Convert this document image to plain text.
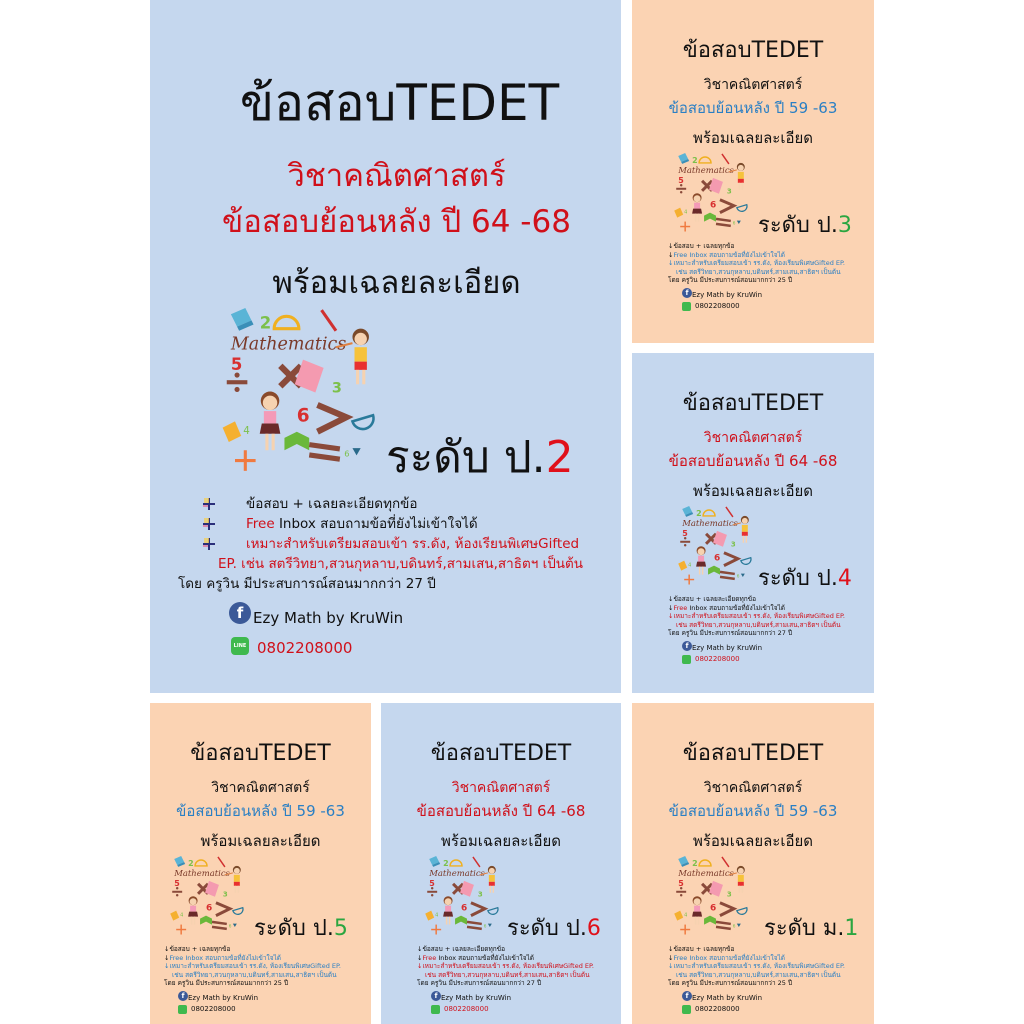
ข้อสอบTEDET
วิชาคณิตศาสตร์
ข้อสอบย้อนหลัง ปี 64 -68
พร้อมเฉลยละเอียด
ระดับ ป.2
ข้อสอบ + เฉลยละเอียดทุกข้อ
Free Inbox สอบถามข้อที่ยังไม่เข้าใจได้
เหมาะสำหรับเตรียมสอบเข้า รร.ดัง, ห้องเรียนพิเศษGifted
EP. เช่น สตรีวิทยา,สวนกุหลาบ,บดินทร์,สามเสน,สาธิตฯ เป็นต้น
โดย ครูวิน มีประสบการณ์สอนมากกว่า 27 ปี
f Ezy Math by KruWin
LINE 0802208000
ข้อสอบTEDET
วิชาคณิตศาสตร์
ข้อสอบย้อนหลัง ปี 59 -63
พร้อมเฉลยละเอียด
ระดับ ป.3
↓ข้อสอบ + เฉลยทุกข้อ
↓Free Inbox สอบถามข้อที่ยังไม่เข้าใจได้
↓เหมาะสำหรับเตรียมสอบเข้า รร.ดัง, ห้องเรียนพิเศษGifted EP.
เช่น สตรีวิทยา,สวนกุหลาบ,บดินทร์,สามเสน,สาธิตฯ เป็นต้น
โดย ครูวิน มีประสบการณ์สอนมากกว่า 25 ปี
f Ezy Math by KruWin
0802208000
ข้อสอบTEDET
วิชาคณิตศาสตร์
ข้อสอบย้อนหลัง ปี 64 -68
พร้อมเฉลยละเอียด
ระดับ ป.4
↓ข้อสอบ + เฉลยละเอียดทุกข้อ
↓Free Inbox สอบถามข้อที่ยังไม่เข้าใจได้
↓เหมาะสำหรับเตรียมสอบเข้า รร.ดัง, ห้องเรียนพิเศษGifted EP.
เช่น สตรีวิทยา,สวนกุหลาบ,บดินทร์,สามเสน,สาธิตฯ เป็นต้น
โดย ครูวิน มีประสบการณ์สอนมากกว่า 27 ปี
f Ezy Math by KruWin
0802208000
ข้อสอบTEDET
วิชาคณิตศาสตร์
ข้อสอบย้อนหลัง ปี 59 -63
พร้อมเฉลยละเอียด
ระดับ ป.5
↓ข้อสอบ + เฉลยทุกข้อ
↓Free Inbox สอบถามข้อที่ยังไม่เข้าใจได้
↓เหมาะสำหรับเตรียมสอบเข้า รร.ดัง, ห้องเรียนพิเศษGifted EP.
เช่น สตรีวิทยา,สวนกุหลาบ,บดินทร์,สามเสน,สาธิตฯ เป็นต้น
โดย ครูวิน มีประสบการณ์สอนมากกว่า 25 ปี
f Ezy Math by KruWin
0802208000
ข้อสอบTEDET
วิชาคณิตศาสตร์
ข้อสอบย้อนหลัง ปี 64 -68
พร้อมเฉลยละเอียด
ระดับ ป.6
↓ข้อสอบ + เฉลยละเอียดทุกข้อ
↓Free Inbox สอบถามข้อที่ยังไม่เข้าใจได้
↓เหมาะสำหรับเตรียมสอบเข้า รร.ดัง, ห้องเรียนพิเศษGifted EP.
เช่น สตรีวิทยา,สวนกุหลาบ,บดินทร์,สามเสน,สาธิตฯ เป็นต้น
โดย ครูวิน มีประสบการณ์สอนมากกว่า 27 ปี
f Ezy Math by KruWin
0802208000
ข้อสอบTEDET
วิชาคณิตศาสตร์
ข้อสอบย้อนหลัง ปี 59 -63
พร้อมเฉลยละเอียด
ระดับ ม.1
↓ข้อสอบ + เฉลยทุกข้อ
↓Free Inbox สอบถามข้อที่ยังไม่เข้าใจได้
↓เหมาะสำหรับเตรียมสอบเข้า รร.ดัง, ห้องเรียนพิเศษGifted EP.
เช่น สตรีวิทยา,สวนกุหลาบ,บดินทร์,สามเสน,สาธิตฯ เป็นต้น
โดย ครูวิน มีประสบการณ์สอนมากกว่า 25 ปี
f Ezy Math by KruWin
0802208000
